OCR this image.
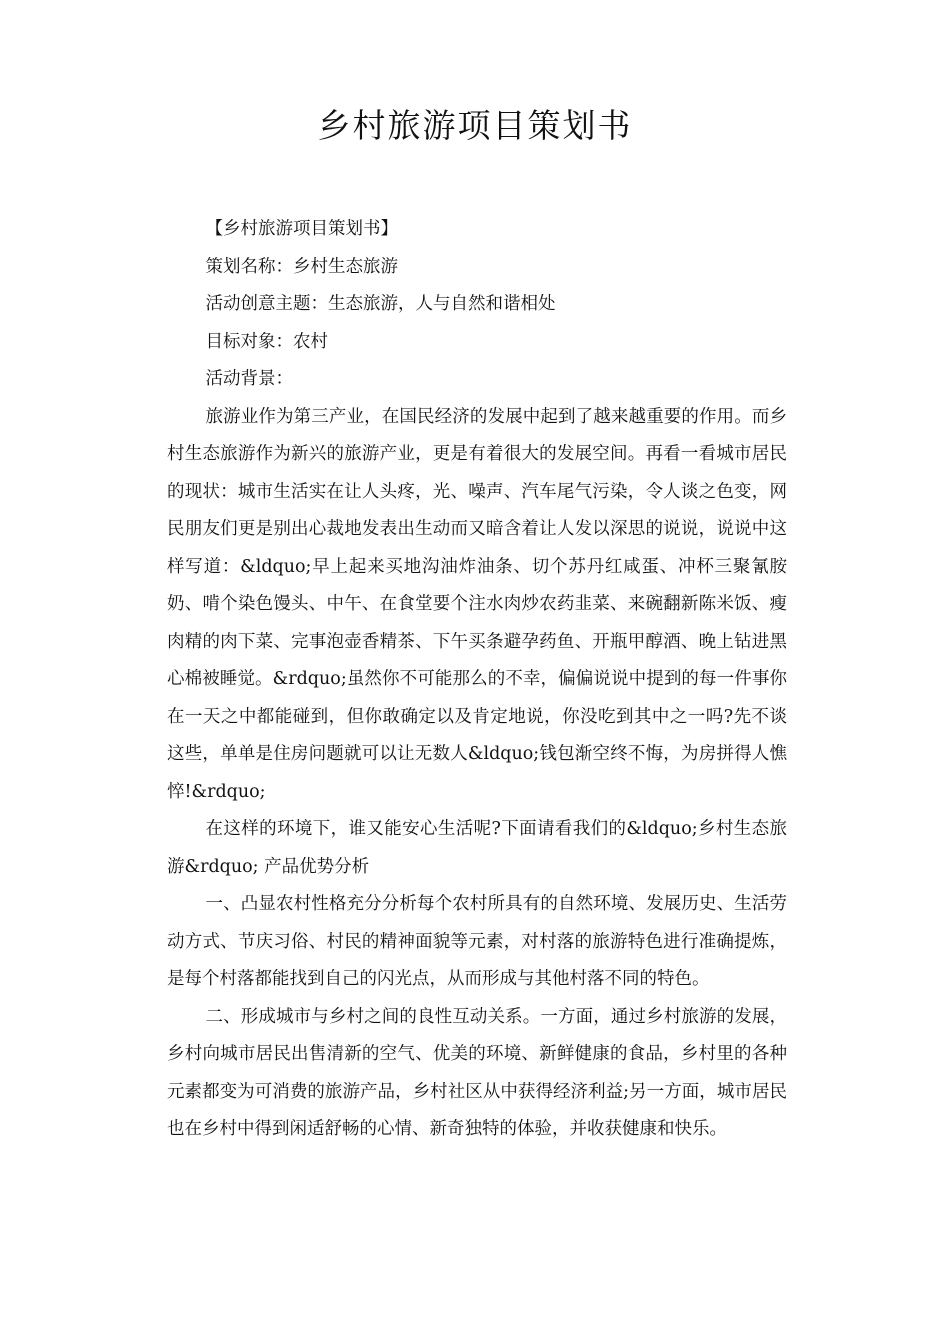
乡村旅游项目策划书

【乡村旅游项目策划书】

策划名称：乡村生态旅游

活动创意主题：生态旅游，人与自然和谐相处

目标对象：农村

活动背景：

旅游业作为第三产业，在国民经济的发展中起到了越来越重要的作用。而乡村生态旅游作为新兴的旅游产业，更是有着很大的发展空间。再看一看城市居民的现状：城市生活实在让人头疼，光、噪声、汽车尾气污染，令人谈之色变，网民朋友们更是别出心裁地发表出生动而又暗含着让人发以深思的说说，说说中这样写道：&ldquo;早上起来买地沟油炸油条、切个苏丹红咸蛋、冲杯三聚氰胺奶、啃个染色馒头、中午、在食堂要个注水肉炒农药韭菜、来碗翻新陈米饭、瘦肉精的肉下菜、完事泡壶香精茶、下午买条避孕药鱼、开瓶甲醇酒、晚上钻进黑心棉被睡觉。&rdquo;虽然你不可能那么的不幸，偏偏说说中提到的每一件事你在一天之中都能碰到，但你敢确定以及肯定地说，你没吃到其中之一吗?先不谈这些，单单是住房问题就可以让无数人&ldquo;钱包渐空终不悔，为房拼得人憔悴!&rdquo;

在这样的环境下，谁又能安心生活呢?下面请看我们的&ldquo;乡村生态旅游&rdquo; 产品优势分析

一、凸显农村性格充分分析每个农村所具有的自然环境、发展历史、生活劳动方式、节庆习俗、村民的精神面貌等元素，对村落的旅游特色进行准确提炼，是每个村落都能找到自己的闪光点，从而形成与其他村落不同的特色。

二、形成城市与乡村之间的良性互动关系。一方面，通过乡村旅游的发展，乡村向城市居民出售清新的空气、优美的环境、新鲜健康的食品，乡村里的各种元素都变为可消费的旅游产品，乡村社区从中获得经济利益;另一方面，城市居民也在乡村中得到闲适舒畅的心情、新奇独特的体验，并收获健康和快乐。
